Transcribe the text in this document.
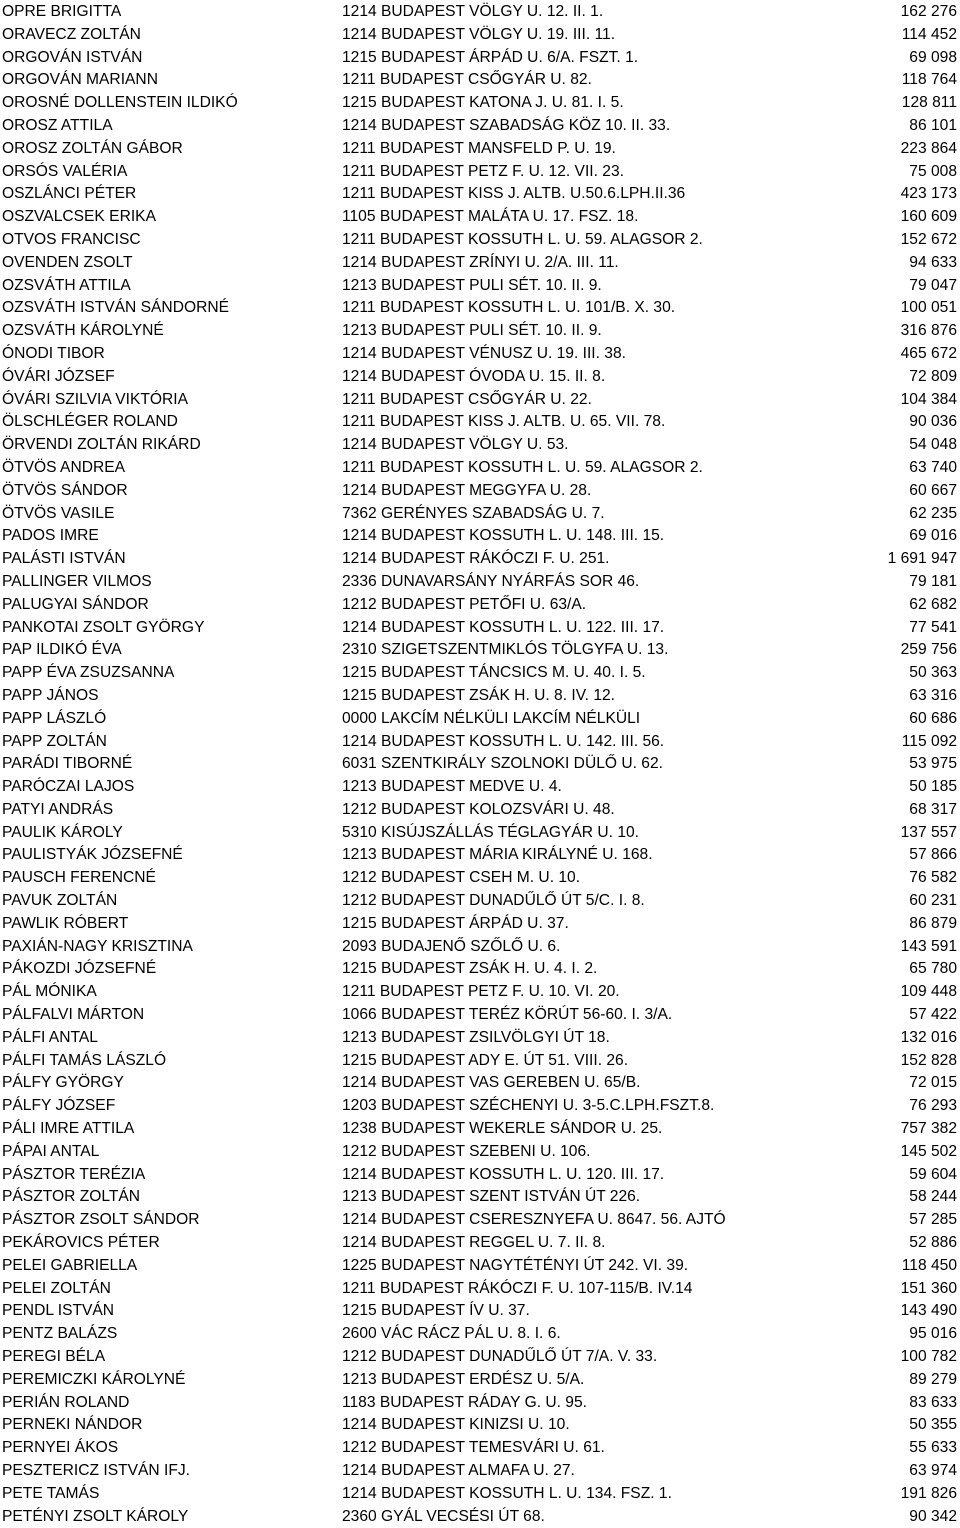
OPRE BRIGITTA	1214 BUDAPEST VÖLGY U. 12. II. 1.	162 276
ORAVECZ ZOLTÁN	1214 BUDAPEST VÖLGY U. 19. III. 11.	114 452
ORGOVÁN ISTVÁN	1215 BUDAPEST ÁRPÁD U. 6/A. FSZT. 1.	69 098
ORGOVÁN MARIANN	1211 BUDAPEST CSŐGYÁR U. 82.	118 764
OROSNÉ DOLLENSTEIN ILDIKÓ	1215 BUDAPEST KATONA J. U. 81. I. 5.	128 811
OROSZ ATTILA	1214 BUDAPEST SZABADSÁG KÖZ 10. II. 33.	86 101
OROSZ ZOLTÁN GÁBOR	1211 BUDAPEST MANSFELD P. U. 19.	223 864
ORSÓS VALÉRIA	1211 BUDAPEST PETZ F. U. 12. VII. 23.	75 008
OSZLÁNCI PÉTER	1211 BUDAPEST KISS J. ALTB. U.50.6.LPH.II.36	423 173
OSZVALCSEK ERIKA	1105 BUDAPEST MALÁTA U. 17. FSZ. 18.	160 609
OTVOS FRANCISC	1211 BUDAPEST KOSSUTH L. U. 59. ALAGSOR 2.	152 672
OVENDEN ZSOLT	1214 BUDAPEST ZRÍNYI U. 2/A. III. 11.	94 633
OZSVÁTH ATTILA	1213 BUDAPEST PULI SÉT. 10. II. 9.	79 047
OZSVÁTH ISTVÁN SÁNDORNÉ	1211 BUDAPEST KOSSUTH L. U. 101/B. X. 30.	100 051
OZSVÁTH KÁROLYNÉ	1213 BUDAPEST PULI SÉT. 10. II. 9.	316 876
ÓNODI TIBOR	1214 BUDAPEST VÉNUSZ U. 19. III. 38.	465 672
ÓVÁRI JÓZSEF	1214 BUDAPEST ÓVODA U. 15. II. 8.	72 809
ÓVÁRI SZILVIA VIKTÓRIA	1211 BUDAPEST CSŐGYÁR U. 22.	104 384
ÖLSCHLÉGER ROLAND	1211 BUDAPEST KISS J. ALTB. U. 65. VII. 78.	90 036
ÖRVENDI ZOLTÁN RIKÁRD	1214 BUDAPEST VÖLGY U. 53.	54 048
ÖTVÖS ANDREA	1211 BUDAPEST KOSSUTH L. U. 59. ALAGSOR 2.	63 740
ÖTVÖS SÁNDOR	1214 BUDAPEST MEGGYFA U. 28.	60 667
ÖTVÖS VASILE	7362 GERÉNYES SZABADSÁG U. 7.	62 235
PADOS IMRE	1214 BUDAPEST KOSSUTH L. U. 148. III. 15.	69 016
PALÁSTI ISTVÁN	1214 BUDAPEST RÁKÓCZI F. U. 251.	1 691 947
PALLINGER VILMOS	2336 DUNAVARSÁNY NYÁRFÁS SOR 46.	79 181
PALUGYAI SÁNDOR	1212 BUDAPEST PETŐFI U. 63/A.	62 682
PANKOTAI ZSOLT GYÖRGY	1214 BUDAPEST KOSSUTH L. U. 122. III. 17.	77 541
PAP ILDIKÓ ÉVA	2310 SZIGETSZENTMIKLÓS TÖLGYFA U. 13.	259 756
PAPP ÉVA ZSUZSANNA	1215 BUDAPEST TÁNCSICS M. U. 40. I. 5.	50 363
PAPP JÁNOS	1215 BUDAPEST ZSÁK H. U. 8. IV. 12.	63 316
PAPP LÁSZLÓ	0000 LAKCÍM NÉLKÜLI LAKCÍM NÉLKÜLI	60 686
PAPP ZOLTÁN	1214 BUDAPEST KOSSUTH L. U. 142. III. 56.	115 092
PARÁDI TIBORNÉ	6031 SZENTKIRÁLY SZOLNOKI DÜLŐ U. 62.	53 975
PARÓCZAI LAJOS	1213 BUDAPEST MEDVE U. 4.	50 185
PATYI ANDRÁS	1212 BUDAPEST KOLOZSVÁRI U. 48.	68 317
PAULIK KÁROLY	5310 KISÚJSZÁLLÁS TÉGLAGYÁR U. 10.	137 557
PAULISTYÁK JÓZSEFNÉ	1213 BUDAPEST MÁRIA KIRÁLYNÉ U. 168.	57 866
PAUSCH FERENCNÉ	1212 BUDAPEST CSEH M. U. 10.	76 582
PAVUK ZOLTÁN	1212 BUDAPEST DUNADŰLŐ ÚT 5/C. I. 8.	60 231
PAWLIK RÓBERT	1215 BUDAPEST ÁRPÁD U. 37.	86 879
PAXIÁN-NAGY KRISZTINA	2093 BUDAJENŐ SZŐLŐ U. 6.	143 591
PÁKOZDI JÓZSEFNÉ	1215 BUDAPEST ZSÁK H. U. 4. I. 2.	65 780
PÁL MÓNIKA	1211 BUDAPEST PETZ F. U. 10. VI. 20.	109 448
PÁLFALVI MÁRTON	1066 BUDAPEST TERÉZ KÖRÚT 56-60. I. 3/A.	57 422
PÁLFI ANTAL	1213 BUDAPEST ZSILVÖLGYI ÚT 18.	132 016
PÁLFI TAMÁS LÁSZLÓ	1215 BUDAPEST ADY E. ÚT 51. VIII. 26.	152 828
PÁLFY GYÖRGY	1214 BUDAPEST VAS GEREBEN U. 65/B.	72 015
PÁLFY JÓZSEF	1203 BUDAPEST SZÉCHENYI U. 3-5.C.LPH.FSZT.8.	76 293
PÁLI IMRE ATTILA	1238 BUDAPEST WEKERLE SÁNDOR U. 25.	757 382
PÁPAI ANTAL	1212 BUDAPEST SZEBENI U. 106.	145 502
PÁSZTOR TERÉZIA	1214 BUDAPEST KOSSUTH L. U. 120. III. 17.	59 604
PÁSZTOR ZOLTÁN	1213 BUDAPEST SZENT ISTVÁN ÚT 226.	58 244
PÁSZTOR ZSOLT SÁNDOR	1214 BUDAPEST CSERESZNYEFA U. 8647. 56. AJTÓ	57 285
PEKÁROVICS PÉTER	1214 BUDAPEST REGGEL U. 7. II. 8.	52 886
PELEI GABRIELLA	1225 BUDAPEST NAGYTÉTÉNYI ÚT 242. VI. 39.	118 450
PELEI ZOLTÁN	1211 BUDAPEST RÁKÓCZI F. U. 107-115/B. IV.14	151 360
PENDL ISTVÁN	1215 BUDAPEST ÍV U. 37.	143 490
PENTZ BALÁZS	2600 VÁC RÁCZ PÁL U. 8. I. 6.	95 016
PEREGI BÉLA	1212 BUDAPEST DUNADŰLŐ ÚT 7/A. V. 33.	100 782
PEREMICZKI KÁROLYNÉ	1213 BUDAPEST ERDÉSZ U. 5/A.	89 279
PERIÁN ROLAND	1183 BUDAPEST RÁDAY G. U. 95.	83 633
PERNEKI NÁNDOR	1214 BUDAPEST KINIZSI U. 10.	50 355
PERNYEI ÁKOS	1212 BUDAPEST TEMESVÁRI U. 61.	55 633
PESZTERICZ ISTVÁN IFJ.	1214 BUDAPEST ALMAFA U. 27.	63 974
PETE TAMÁS	1214 BUDAPEST KOSSUTH L. U. 134. FSZ. 1.	191 826
PETÉNYI ZSOLT KÁROLY	2360 GYÁL VECSÉSI ÚT 68.	90 342
